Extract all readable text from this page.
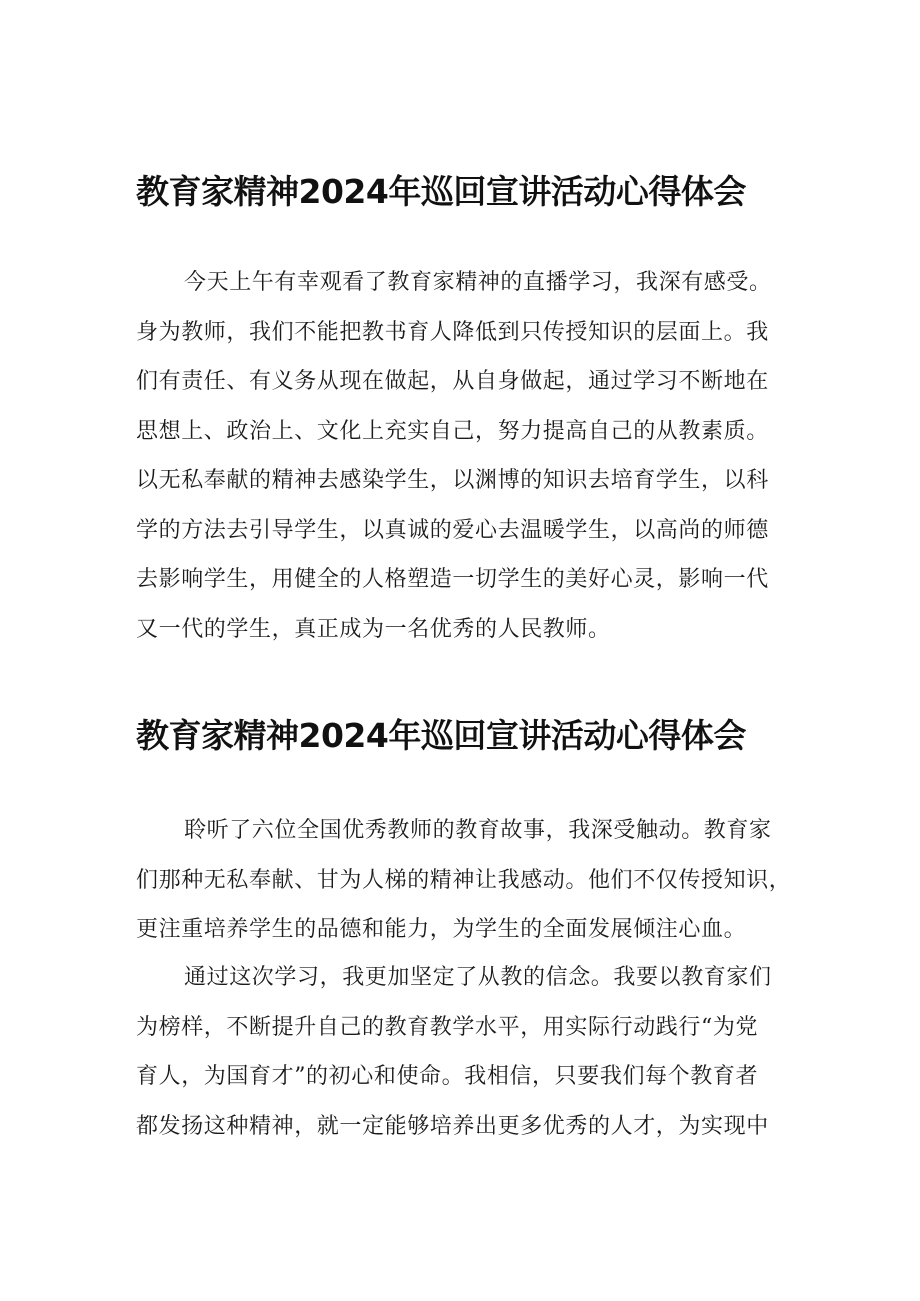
教育家精神2024年巡回宣讲活动心得体会
今天上午有幸观看了教育家精神的直播学习，我深有感受。
身为教师，我们不能把教书育人降低到只传授知识的层面上。我
们有责任、有义务从现在做起，从自身做起，通过学习不断地在
思想上、政治上、文化上充实自己，努力提高自己的从教素质。
以无私奉献的精神去感染学生，以渊博的知识去培育学生，以科
学的方法去引导学生，以真诚的爱心去温暖学生，以高尚的师德
去影响学生，用健全的人格塑造一切学生的美好心灵，影响一代
又一代的学生，真正成为一名优秀的人民教师。
教育家精神2024年巡回宣讲活动心得体会
聆听了六位全国优秀教师的教育故事，我深受触动。教育家
们那种无私奉献、甘为人梯的精神让我感动。他们不仅传授知识，
更注重培养学生的品德和能力，为学生的全面发展倾注心血。
通过这次学习，我更加坚定了从教的信念。我要以教育家们
为榜样，不断提升自己的教育教学水平，用实际行动践行“为党
育人，为国育才”的初心和使命。我相信，只要我们每个教育者
都发扬这种精神，就一定能够培养出更多优秀的人才，为实现中
